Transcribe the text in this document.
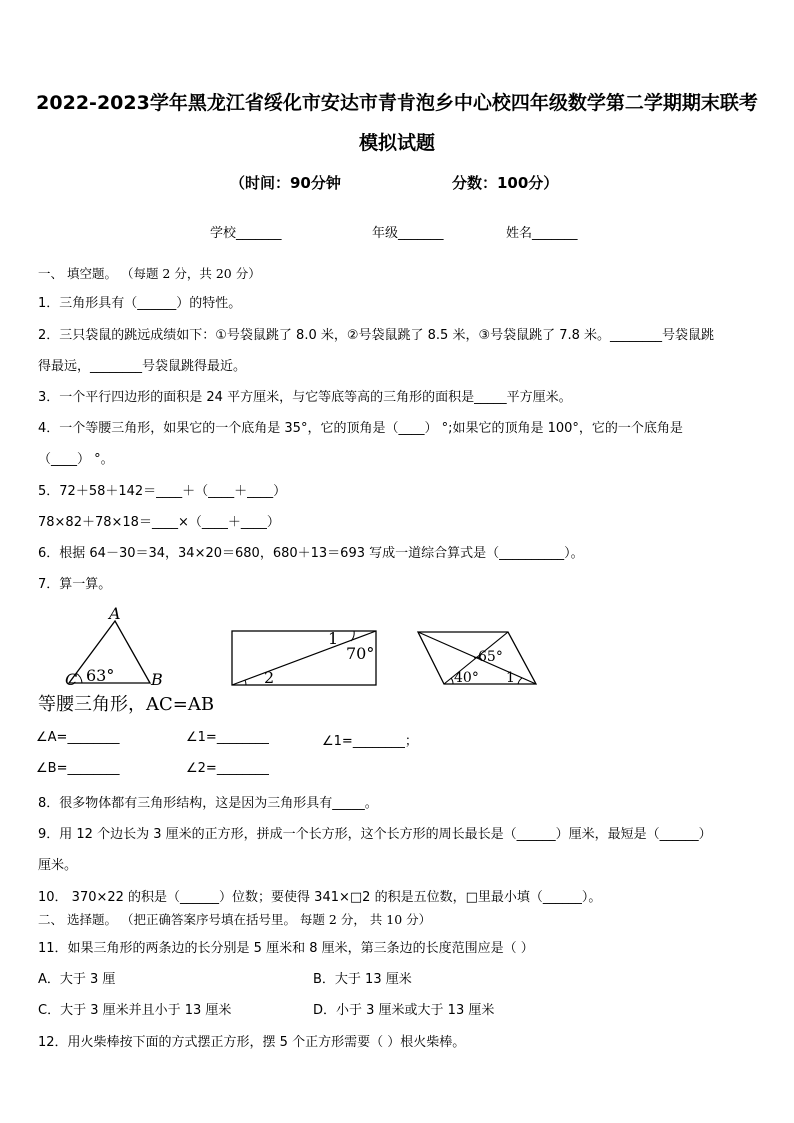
2022-2023学年黑龙江省绥化市安达市青肯泡乡中心校四年级数学第二学期期末联考
模拟试题
（时间：90分钟	分数：100分）
学校_______	年级_______	姓名_______
一、 填空题。 （每题 2 分，共 20 分）
1．三角形具有（______）的特性。
2．三只袋鼠的跳远成绩如下：①号袋鼠跳了 8.0 米，②号袋鼠跳了 8.5 米，③号袋鼠跳了 7.8 米。________号袋鼠跳
得最远，________号袋鼠跳得最近。
3．一个平行四边形的面积是 24 平方厘米，与它等底等高的三角形的面积是_____平方厘米。
4．一个等腰三角形，如果它的一个底角是 35°，它的顶角是（____） °;如果它的顶角是 100°，它的一个底角是
（____） °。
5．72＋58＋142＝____＋（____＋____）
78×82＋78×18＝____×（____＋____）
6．根据 64－30＝34，34×20＝680，680＋13＝693 写成一道综合算式是（__________）。
7．算一算。
A
C	B
63°
1
70°
2
65°
40° 1
等腰三角形，AC=AB
∠A=________
∠B=________
∠1=________
∠2=________
∠1=________；
8．很多物体都有三角形结构，这是因为三角形具有_____。
9．用 12 个边长为 3 厘米的正方形，拼成一个长方形，这个长方形的周长最长是（______）厘米，最短是（______）
厘米。
10． 370×22 的积是（______）位数；要使得 341×□2 的积是五位数，□里最小填（______）。
二、 选择题。 （把正确答案序号填在括号里。 每题 2 分， 共 10 分）
11．如果三角形的两条边的长分别是 5 厘米和 8 厘米，第三条边的长度范围应是（ ）
A．大于 3 厘	B．大于 13 厘米
C．大于 3 厘米并且小于 13 厘米	D．小于 3 厘米或大于 13 厘米
12．用火柴棒按下面的方式摆正方形，摆 5 个正方形需要（ ）根火柴棒。
